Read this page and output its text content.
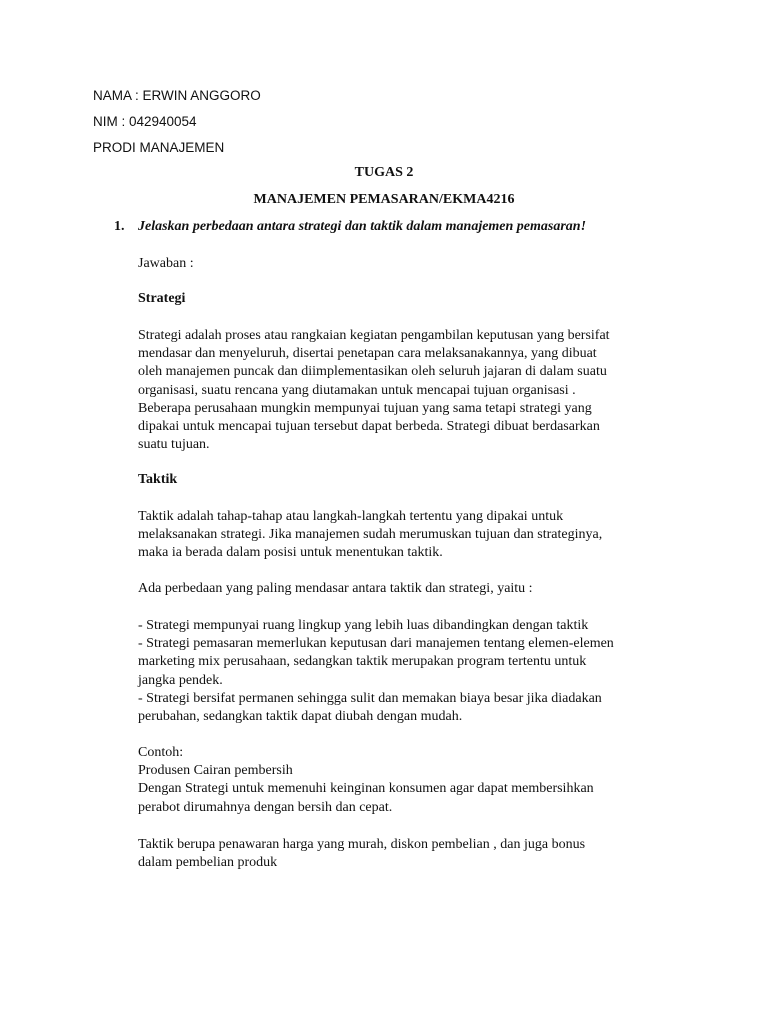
NAMA : ERWIN ANGGORO
NIM : 042940054
PRODI MANAJEMEN
TUGAS 2
MANAJEMEN PEMASARAN/EKMA4216
1. Jelaskan perbedaan antara strategi dan taktik dalam manajemen pemasaran!
Jawaban :
Strategi

Strategi adalah proses atau rangkaian kegiatan pengambilan keputusan yang bersifat

mendasar dan menyeluruh, disertai penetapan cara melaksanakannya, yang dibuat

oleh manajemen puncak dan diimplementasikan oleh seluruh jajaran di dalam suatu

organisasi, suatu rencana yang diutamakan untuk mencapai tujuan organisasi .

Beberapa perusahaan mungkin mempunyai tujuan yang sama tetapi strategi yang

dipakai untuk mencapai tujuan tersebut dapat berbeda. Strategi dibuat berdasarkan

suatu tujuan.

Taktik

Taktik adalah tahap-tahap atau langkah-langkah tertentu yang dipakai untuk

melaksanakan strategi. Jika manajemen sudah merumuskan tujuan dan strateginya,

maka ia berada dalam posisi untuk menentukan taktik.

Ada perbedaan yang paling mendasar antara taktik dan strategi, yaitu :

- Strategi mempunyai ruang lingkup yang lebih luas dibandingkan dengan taktik

- Strategi pemasaran memerlukan keputusan dari manajemen tentang elemen-elemen

marketing mix perusahaan, sedangkan taktik merupakan program tertentu untuk

jangka pendek.

- Strategi bersifat permanen sehingga sulit dan memakan biaya besar jika diadakan

perubahan, sedangkan taktik dapat diubah dengan mudah.

Contoh:

Produsen Cairan pembersih

Dengan Strategi untuk memenuhi keinginan konsumen agar dapat membersihkan

perabot dirumahnya dengan bersih dan cepat.

Taktik berupa penawaran harga yang murah, diskon pembelian , dan juga bonus

dalam pembelian produk
